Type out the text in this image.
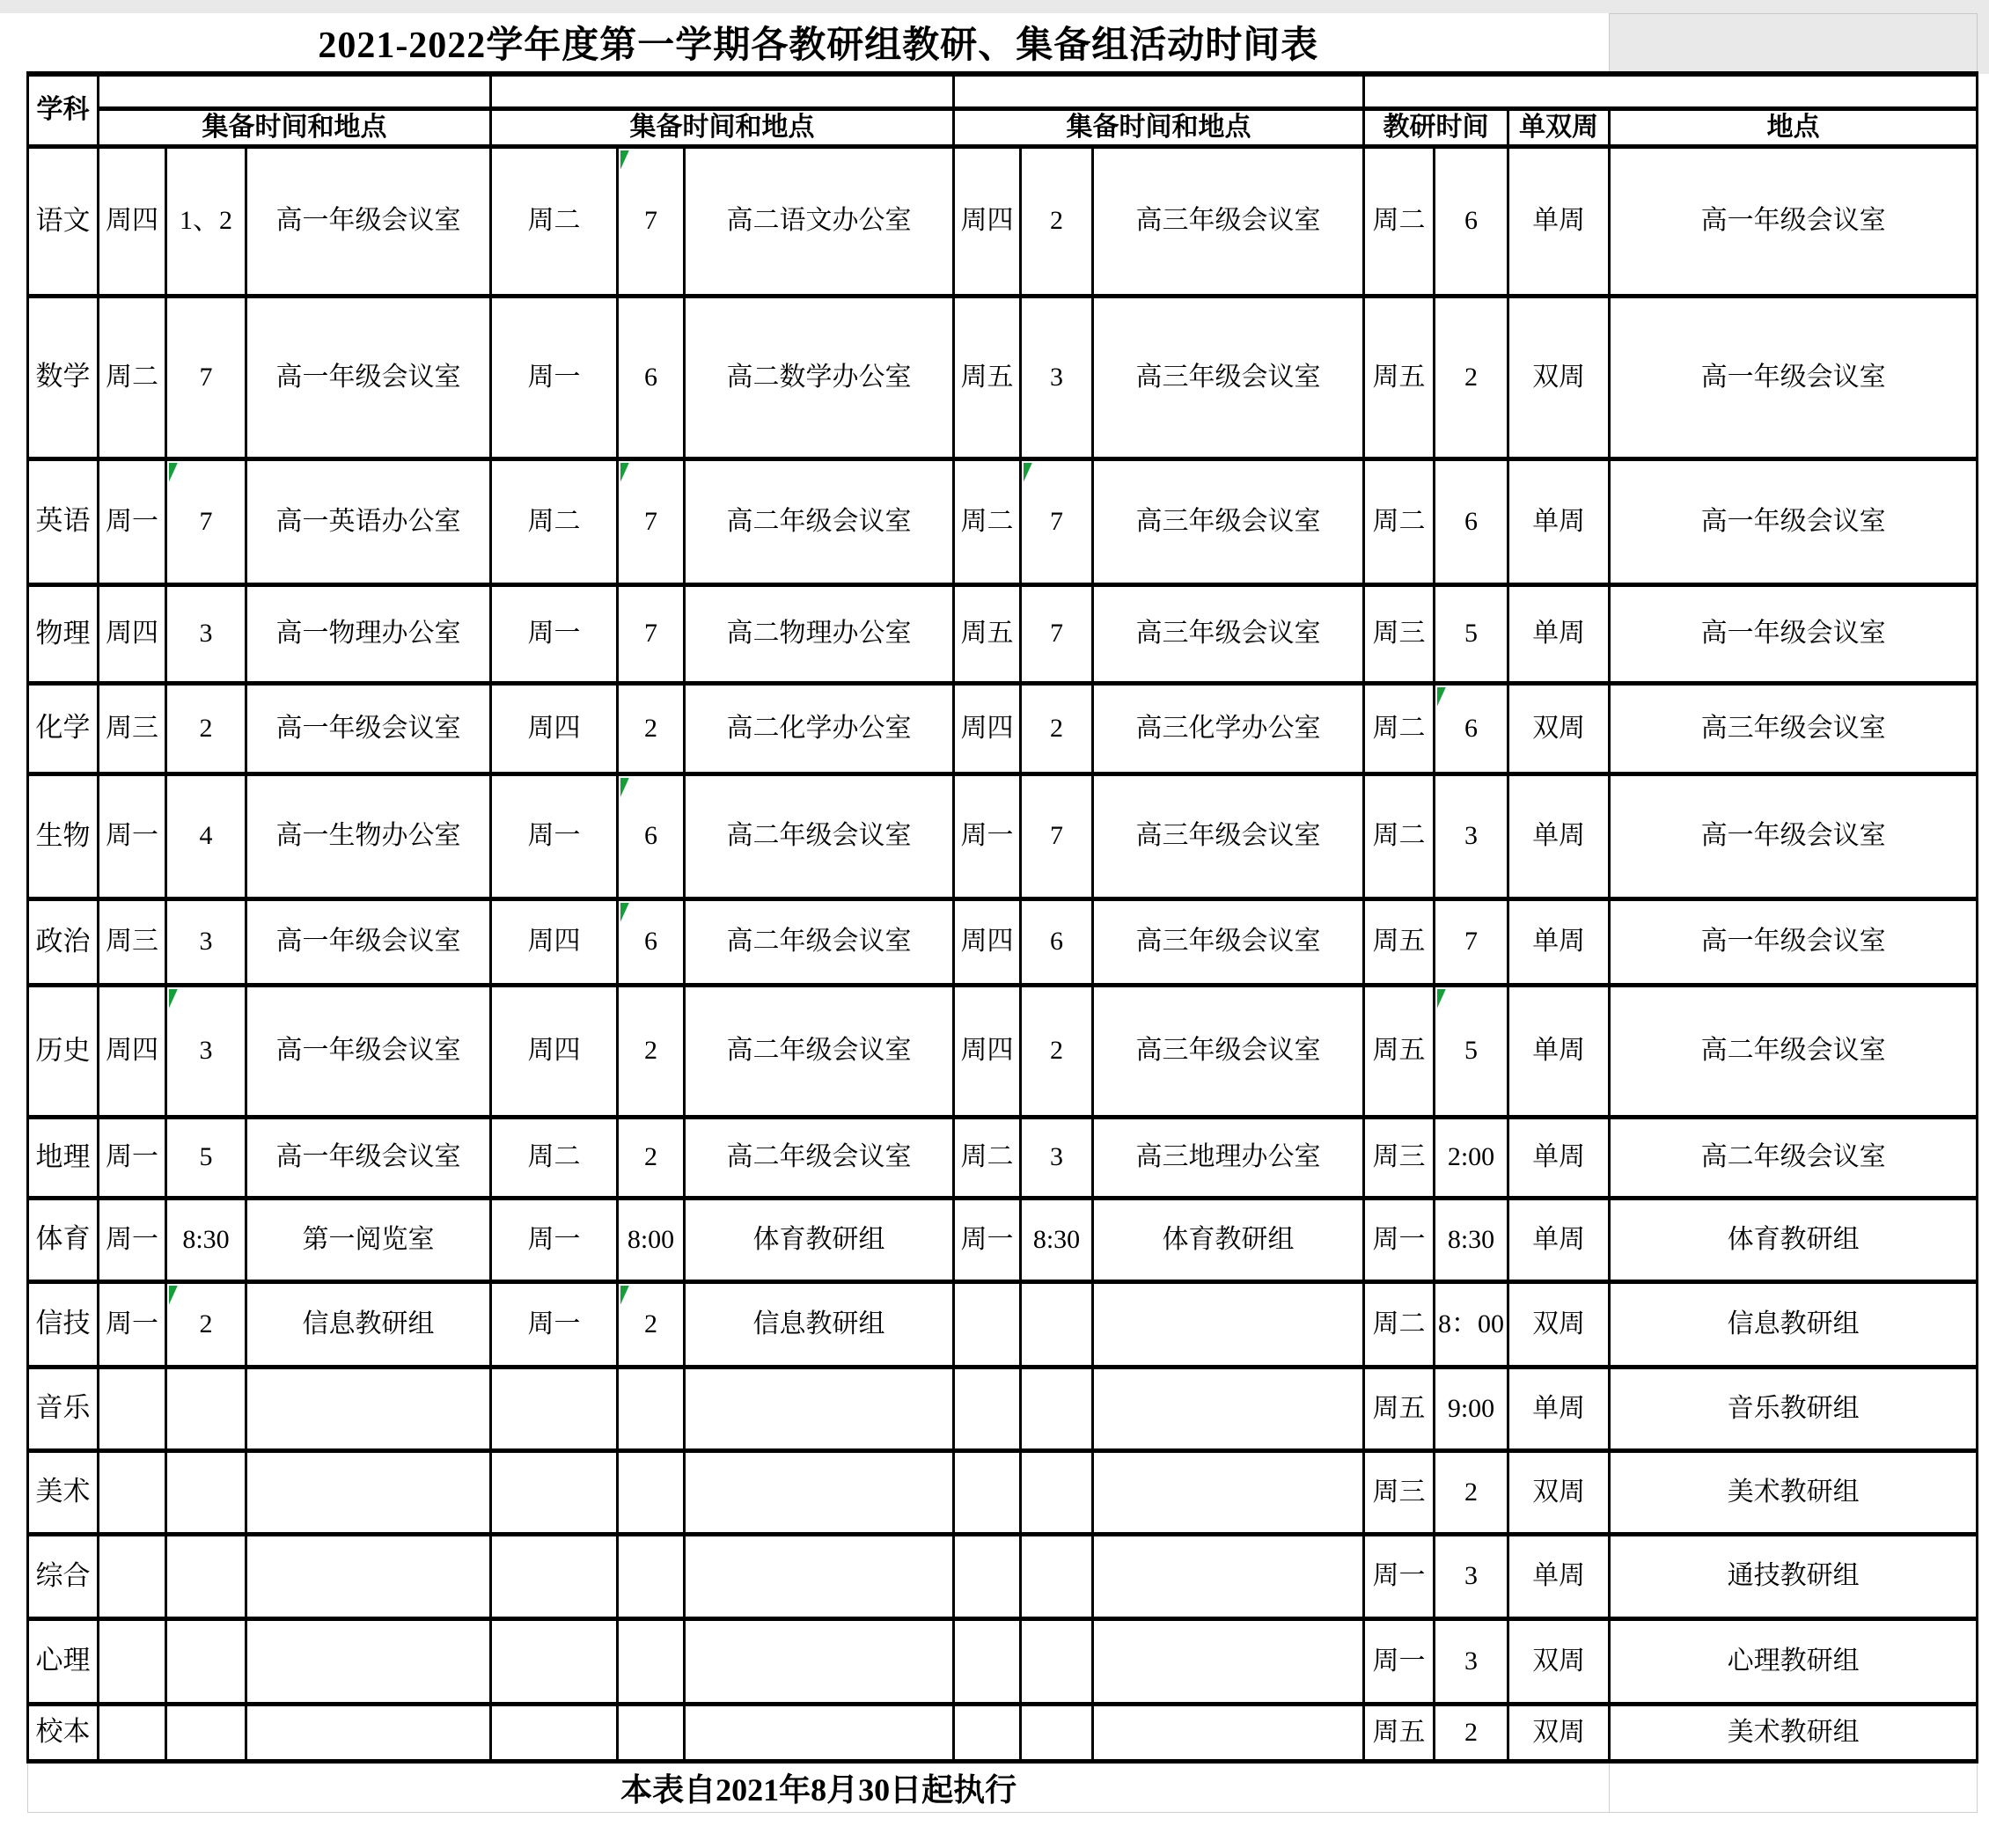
2021-2022学年度第一学期各教研组教研、集备组活动时间表													
学科													
	集备时间和地点			集备时间和地点			集备时间和地点			教研时间		单双周	地点
语文	周四	1、2	高一年级会议室	周二	7	高二语文办公室	周四	2	高三年级会议室	周二	6	单周	高一年级会议室
数学	周二	7	高一年级会议室	周一	6	高二数学办公室	周五	3	高三年级会议室	周五	2	双周	高一年级会议室
英语	周一	7	高一英语办公室	周二	7	高二年级会议室	周二	7	高三年级会议室	周二	6	单周	高一年级会议室
物理	周四	3	高一物理办公室	周一	7	高二物理办公室	周五	7	高三年级会议室	周三	5	单周	高一年级会议室
化学	周三	2	高一年级会议室	周四	2	高二化学办公室	周四	2	高三化学办公室	周二	6	双周	高三年级会议室
生物	周一	4	高一生物办公室	周一	6	高二年级会议室	周一	7	高三年级会议室	周二	3	单周	高一年级会议室
政治	周三	3	高一年级会议室	周四	6	高二年级会议室	周四	6	高三年级会议室	周五	7	单周	高一年级会议室
历史	周四	3	高一年级会议室	周四	2	高二年级会议室	周四	2	高三年级会议室	周五	5	单周	高二年级会议室
地理	周一	5	高一年级会议室	周二	2	高二年级会议室	周二	3	高三地理办公室	周三	2:00	单周	高二年级会议室
体育	周一	8:30	第一阅览室	周一	8:00	体育教研组	周一	8:30	体育教研组	周一	8:30	单周	体育教研组
信技	周一	2	信息教研组	周一	2	信息教研组				周二	8：00	双周	信息教研组
音乐										周五	9:00	单周	音乐教研组
美术										周三	2	双周	美术教研组
综合										周一	3	单周	通技教研组
心理										周一	3	双周	心理教研组
校本										周五	2	双周	美术教研组
本表自2021年8月30日起执行													
